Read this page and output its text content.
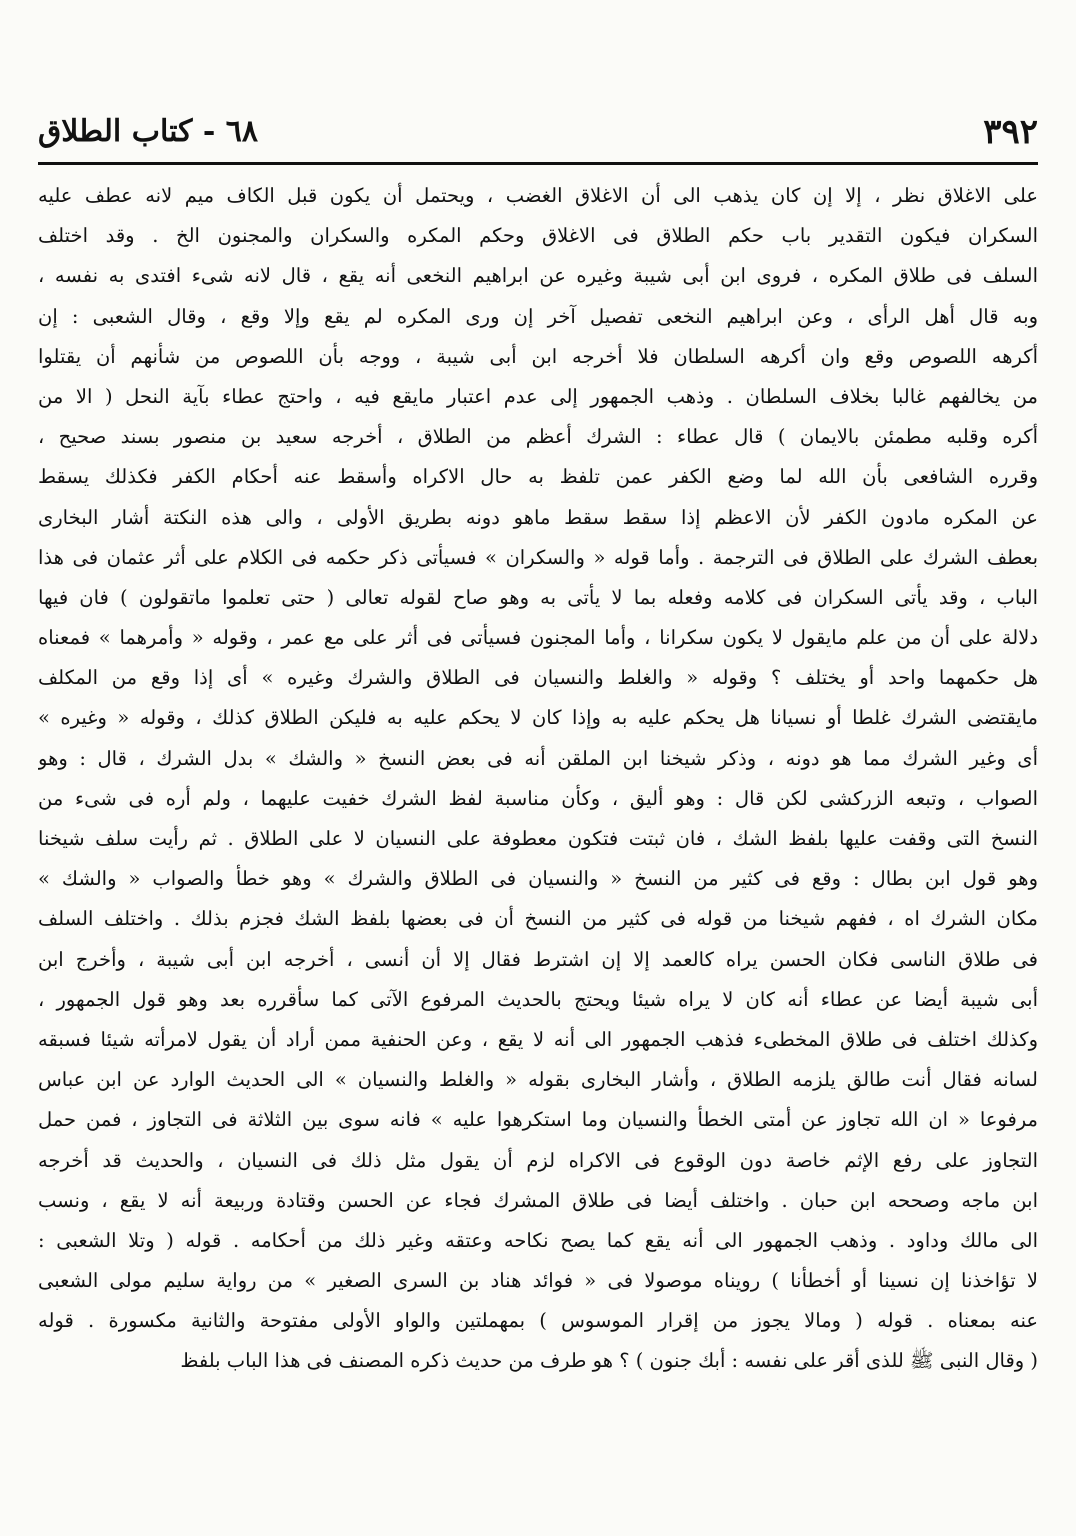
٣٩٢
٦٨ - كتاب الطلاق
على الاغلاق نظر ، إلا إن كان يذهب الى أن الاغلاق الغضب ، ويحتمل أن يكون قبل الكاف ميم لانه عطف عليه
السكران فيكون التقدير باب حكم الطلاق فى الاغلاق وحكم المكره والسكران والمجنون الخ . وقد اختلف
السلف فى طلاق المكره ، فروى ابن أبى شيبة وغيره عن ابراهيم النخعى أنه يقع ، قال لانه شىء افتدى به نفسه ،
وبه قال أهل الرأى ، وعن ابراهيم النخعى تفصيل آخر إن ورى المكره لم يقع وإلا وقع ، وقال الشعبى : إن
أكرهه اللصوص وقع وان أكرهه السلطان فلا أخرجه ابن أبى شيبة ، ووجه بأن اللصوص من شأنهم أن يقتلوا
من يخالفهم غالبا بخلاف السلطان . وذهب الجمهور إلى عدم اعتبار مايقع فيه ، واحتج عطاء بآية النحل ( الا من
أكره وقلبه مطمئن بالايمان ) قال عطاء : الشرك أعظم من الطلاق ، أخرجه سعيد بن منصور بسند صحيح ،
وقرره الشافعى بأن الله لما وضع الكفر عمن تلفظ به حال الاكراه وأسقط عنه أحكام الكفر فكذلك يسقط
عن المكره مادون الكفر لأن الاعظم إذا سقط سقط ماهو دونه بطريق الأولى ، والى هذه النكتة أشار البخارى
بعطف الشرك على الطلاق فى الترجمة . وأما قوله « والسكران » فسيأتى ذكر حكمه فى الكلام على أثر عثمان فى هذا
الباب ، وقد يأتى السكران فى كلامه وفعله بما لا يأتى به وهو صاح لقوله تعالى ( حتى تعلموا ماتقولون ) فان فيها
دلالة على أن من علم مايقول لا يكون سكرانا ، وأما المجنون فسيأتى فى أثر على مع عمر ، وقوله « وأمرهما » فمعناه
هل حكمهما واحد أو يختلف ؟ وقوله « والغلط والنسيان فى الطلاق والشرك وغيره » أى إذا وقع من المكلف
مايقتضى الشرك غلطا أو نسيانا هل يحكم عليه به وإذا كان لا يحكم عليه به فليكن الطلاق كذلك ، وقوله « وغيره »
أى وغير الشرك مما هو دونه ، وذكر شيخنا ابن الملقن أنه فى بعض النسخ « والشك » بدل الشرك ، قال : وهو
الصواب ، وتبعه الزركشى لكن قال : وهو أليق ، وكأن مناسبة لفظ الشرك خفيت عليهما ، ولم أره فى شىء من
النسخ التى وقفت عليها بلفظ الشك ، فان ثبتت فتكون معطوفة على النسيان لا على الطلاق . ثم رأيت سلف شيخنا
وهو قول ابن بطال : وقع فى كثير من النسخ « والنسيان فى الطلاق والشرك » وهو خطأ والصواب « والشك »
مكان الشرك اه ، ففهم شيخنا من قوله فى كثير من النسخ أن فى بعضها بلفظ الشك فجزم بذلك . واختلف السلف
فى طلاق الناسى فكان الحسن يراه كالعمد إلا إن اشترط فقال إلا أن أنسى ، أخرجه ابن أبى شيبة ، وأخرج ابن
أبى شيبة أيضا عن عطاء أنه كان لا يراه شيئا ويحتج بالحديث المرفوع الآتى كما سأقرره بعد وهو قول الجمهور ،
وكذلك اختلف فى طلاق المخطىء فذهب الجمهور الى أنه لا يقع ، وعن الحنفية ممن أراد أن يقول لامرأته شيئا فسبقه
لسانه فقال أنت طالق يلزمه الطلاق ، وأشار البخارى بقوله « والغلط والنسيان » الى الحديث الوارد عن ابن عباس
مرفوعا « ان الله تجاوز عن أمتى الخطأ والنسيان وما استكرهوا عليه » فانه سوى بين الثلاثة فى التجاوز ، فمن حمل
التجاوز على رفع الإثم خاصة دون الوقوع فى الاكراه لزم أن يقول مثل ذلك فى النسيان ، والحديث قد أخرجه
ابن ماجه وصححه ابن حبان . واختلف أيضا فى طلاق المشرك فجاء عن الحسن وقتادة وربيعة أنه لا يقع ، ونسب
الى مالك وداود . وذهب الجمهور الى أنه يقع كما يصح نكاحه وعتقه وغير ذلك من أحكامه . قوله ( وتلا الشعبى :
لا تؤاخذنا إن نسينا أو أخطأنا ) رويناه موصولا فى « فوائد هناد بن السرى الصغير » من رواية سليم مولى الشعبى
عنه بمعناه . قوله ( ومالا يجوز من إقرار الموسوس ) بمهملتين والواو الأولى مفتوحة والثانية مكسورة . قوله
( وقال النبى ﷺ للذى أقر على نفسه : أبك جنون ) ؟ هو طرف من حديث ذكره المصنف فى هذا الباب بلفظ
